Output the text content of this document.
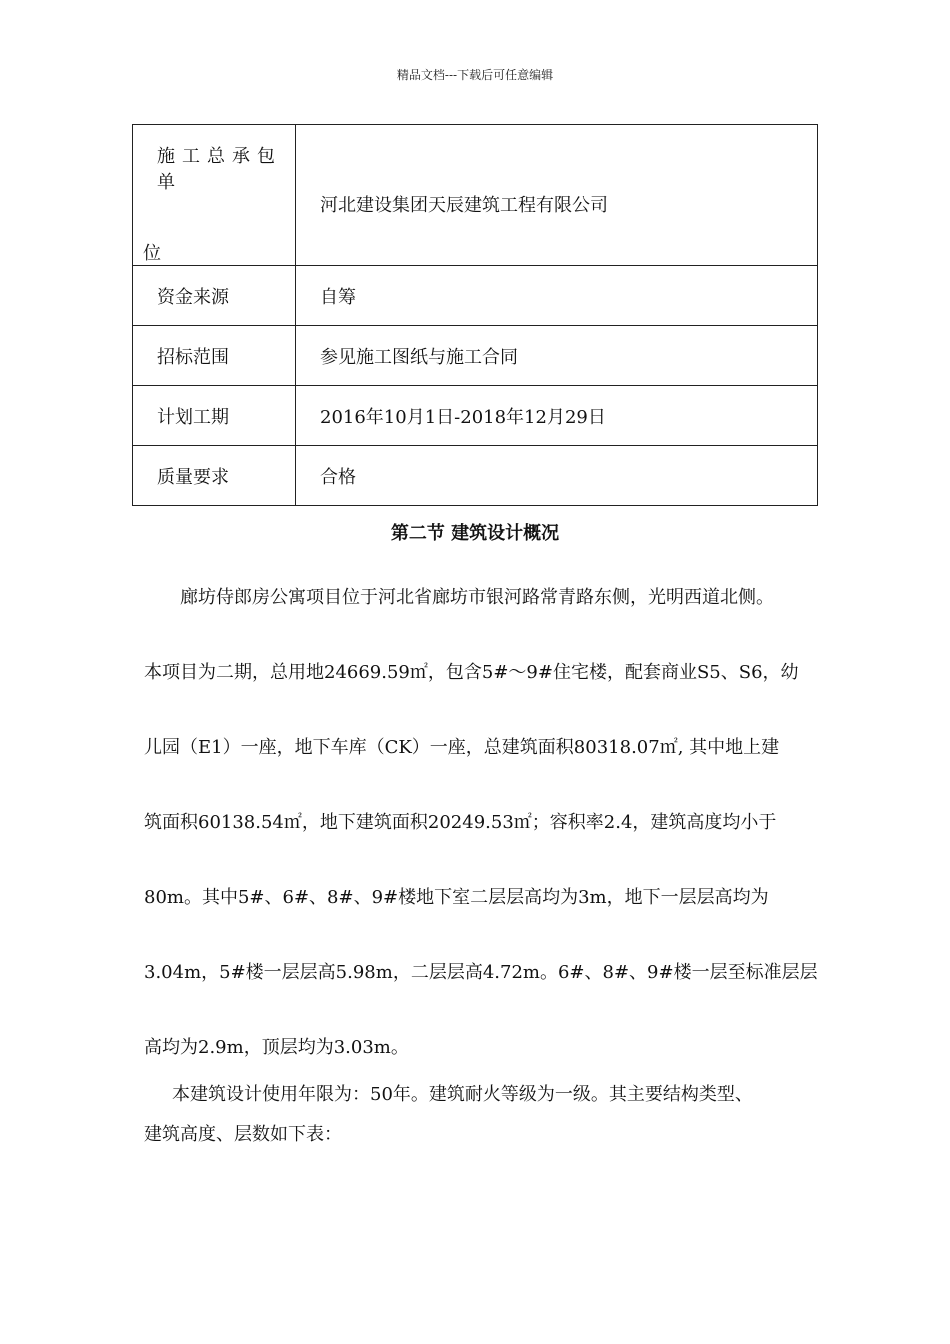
精品文档---下载后可任意编辑
施工总承包单
位	河北建设集团天辰建筑工程有限公司

资金来源	自筹

招标范围	参见施工图纸与施工合同

计划工期	2016年10月1日-2018年12月29日

质量要求	合格
第二节 建筑设计概况
廊坊侍郎房公寓项目位于河北省廊坊市银河路常青路东侧，光明西道北侧。
本项目为二期，总用地24669.59㎡，包含5#～9#住宅楼，配套商业S5、S6，幼
儿园（E1）一座，地下车库（CK）一座，总建筑面积80318.07㎡, 其中地上建
筑面积60138.54㎡，地下建筑面积20249.53㎡；容积率2.4，建筑高度均小于
80m。其中5#、6#、8#、9#楼地下室二层层高均为3m，地下一层层高均为
3.04m，5#楼一层层高5.98m，二层层高4.72m。6#、8#、9#楼一层至标准层层
高均为2.9m，顶层均为3.03m。
本建筑设计使用年限为：50年。建筑耐火等级为一级。其主要结构类型、
建筑高度、层数如下表：
